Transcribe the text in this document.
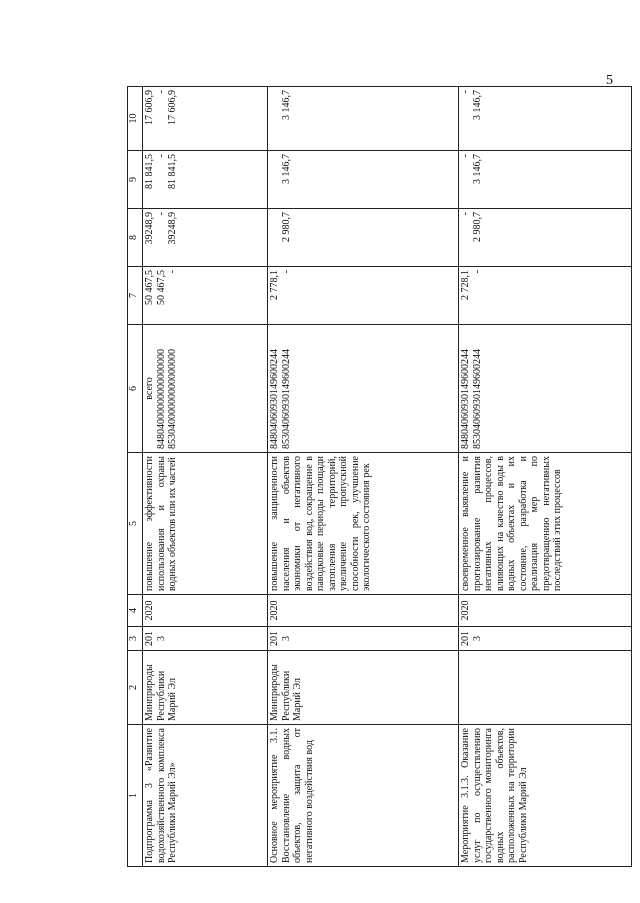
5
1	2	3	4	5	6	7	8	9	10
Подпрограмма 3 «Развитие водохозяйственного комплекса Республики Марий Эл»	Минприроды Республики Марий Эл	2013	2020	повышение эффективности использования и охраны водных объектов или их частей	всего 84804000000000000000 85304000000000000000	50 467,5 50 467,5 -	39248,9 - 39248,9	81 841,5 - 81 841,5	17 606,9 - 17 606,9

Основное мероприятие 3.1. Восстановление водных объектов, защита от негативного воздействия вод	Минприроды Республики Марий Эл	2013	2020	повышение защищенности населения и объектов экономики от негативного воздействия вод, сокращение в паводковые периоды площади затопления территорий, увеличение пропускной способности рек, улучшение экологического состояния рек	84804060930149600244 85304060930149600244	2 778,1 -	2 980,7	3 146,7	3 146,7

Мероприятие 3.1.3. Оказание услуг по осуществлению государственного мониторинга водных объектов, расположенных на территории Республики Марий Эл		2013	2020	своевременное выявление и прогнозирование развития негативных процессов, влияющих на качество воды в водных объектах и их состояние, разработка и реализация мер по предотвращению негативных последствий этих процессов	84804060930149600244 85304060930149600244	2 728,1 -	- 2 980,7	- 3 146,7	- 3 146,7
